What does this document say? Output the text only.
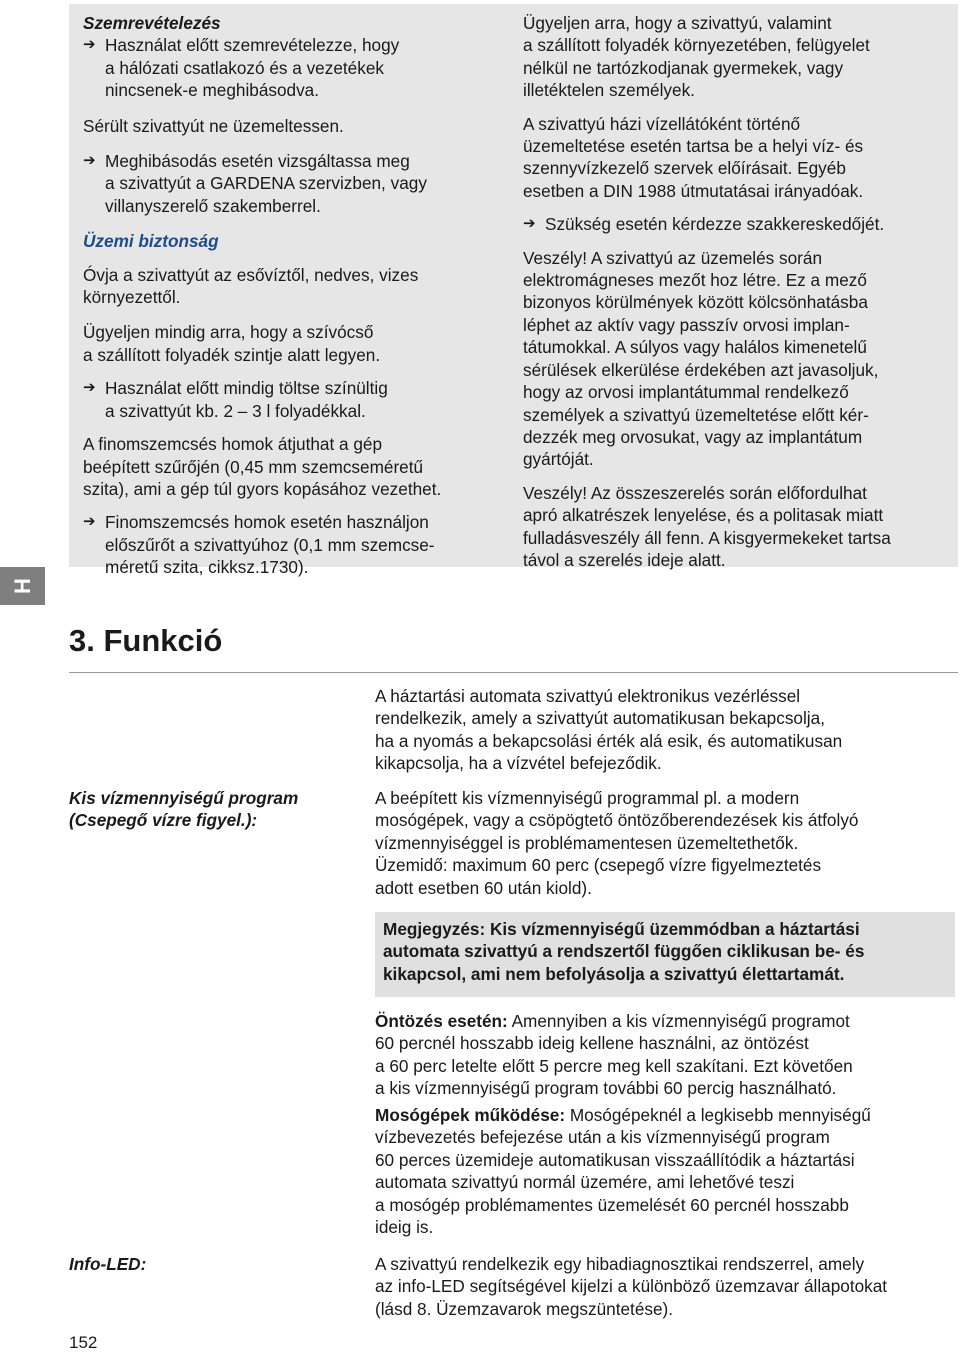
Szemrevételezés

➔ Használat előtt szemrevételezze, hogy

a hálózati csatlakozó és a vezetékek

nincsenek-e meghibásodva.

Sérült szivattyút ne üzemeltessen.

➔ Meghibásodás esetén vizsgáltassa meg

a szivattyút a GARDENA szervizben, vagy

villanyszerelő szakemberrel.

Üzemi biztonság

Óvja a szivattyút az esővíztől, nedves, vizes

környezettől.

Ügyeljen mindig arra, hogy a szívócső

a szállított folyadék szintje alatt legyen.

➔ Használat előtt mindig töltse színültig

a szivattyút kb. 2 – 3 l folyadékkal.

A finomszemcsés homok átjuthat a gép

beépített szűrőjén (0,45 mm szemcseméretű

szita), ami a gép túl gyors kopásához vezethet.

➔ Finomszemcsés homok esetén használjon

előszűrőt a szivattyúhoz (0,1 mm szemcse-

méretű szita, cikksz.1730).

Ügyeljen arra, hogy a szivattyú, valamint

a szállított folyadék környezetében, felügyelet

nélkül ne tartózkodjanak gyermekek, vagy

illetéktelen személyek.

A szivattyú házi vízellátóként történő

üzemeltetése esetén tartsa be a helyi víz- és

szennyvízkezelő szervek előírásait. Egyéb

esetben a DIN 1988 útmutatásai irányadóak.

➔ Szükség esetén kérdezze szakkereskedőjét.

Veszély! A szivattyú az üzemelés során

elektromágneses mezőt hoz létre. Ez a mező

bizonyos körülmények között kölcsönhatásba

léphet az aktív vagy passzív orvosi implan-

tátumokkal. A súlyos vagy halálos kimenetelű

sérülések elkerülése érdekében azt javasoljuk,

hogy az orvosi implantátummal rendelkező

személyek a szivattyú üzemeltetése előtt kér-

dezzék meg orvosukat, vagy az implantátum

gyártóját.

Veszély! Az összeszerelés során előfordulhat

apró alkatrészek lenyelése, és a politasak miatt

fulladásveszély áll fenn. A kisgyermekeket tartsa

távol a szerelés ideje alatt.

H
3. Funkció

A háztartási automata szivattyú elektronikus vezérléssel

rendelkezik, amely a szivattyút automatikusan bekapcsolja,

ha a nyomás a bekapcsolási érték alá esik, és automatikusan

kikapcsolja, ha a vízvétel befejeződik.

Kis vízmennyiségű program
(Csepegő vízre figyel.):

A beépített kis vízmennyiségű programmal pl. a modern

mosógépek, vagy a csöpögtető öntözőberendezések kis átfolyó

vízmennyiséggel is problémamentesen üzemeltethetők.

Üzemidő: maximum 60 perc (csepegő vízre figyelmeztetés

adott esetben 60 után kiold).

Megjegyzés: Kis vízmennyiségű üzemmódban a háztartási
automata szivattyú a rendszertől függően ciklikusan be- és
kikapcsol, ami nem befolyásolja a szivattyú élettartamát.

Öntözés esetén: Amennyiben a kis vízmennyiségű programot

60 percnél hosszabb ideig kellene használni, az öntözést

a 60 perc letelte előtt 5 percre meg kell szakítani. Ezt követően

a kis vízmennyiségű program további 60 percig használható.

Mosógépek működése: Mosógépeknél a legkisebb mennyiségű

vízbevezetés befejezése után a kis vízmennyiségű program

60 perces üzemideje automatikusan visszaállítódik a háztartási

automata szivattyú normál üzemére, ami lehetővé teszi

a mosógép problémamentes üzemelését 60 percnél hosszabb

ideig is.

Info-LED:	A szivattyú rendelkezik egy hibadiagnosztikai rendszerrel, amely

az info-LED segítségével kijelzi a különböző üzemzavar állapotokat

(lásd 8. Üzemzavarok megszüntetése).

152
